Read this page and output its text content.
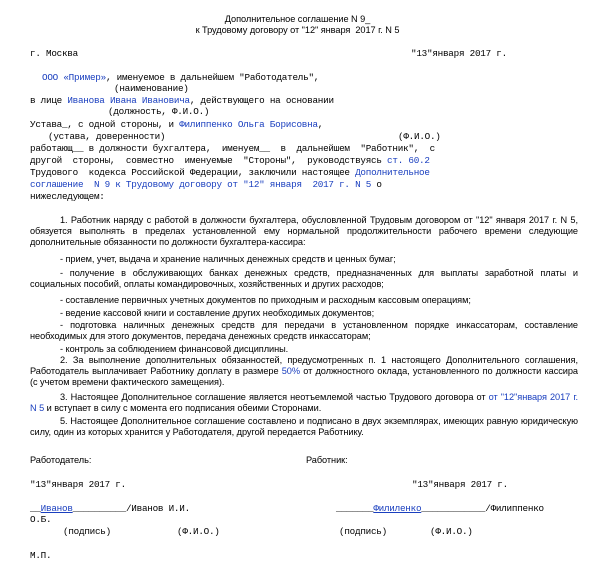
Дополнительное соглашение N 9_
к Трудовому договору от "12" января  2017 г. N 5
г. Москва	"13"января 2017 г.
ООО «Пример», именуемое в дальнейшем "Работодатель",
(наименование)
в лице Иванова Ивана Ивановича, действующего на основании
(должность, Ф.И.О.)
Устава_, с одной стороны, и Филиппенко Ольга Борисовна,
(устава, доверенности)	(Ф.И.О.)
работающ__ в должности бухгалтера,  именуем__  в  дальнейшем  "Работник",  с
другой  стороны,  совместно  именуемые  "Стороны",  руководствуясь ст. 60.2
Трудового  кодекса Российской Федерации, заключили настоящее Дополнительное
соглашение  N 9 к Трудовому договору от "12" января  2017 г. N 5 о
нижеследующем:
1. Работник наряду с работой в должности бухгалтера, обусловленной Трудовым договором от "12" января 2017 г. N 5, обязуется выполнять в пределах установленной ему нормальной продолжительности рабочего времени следующие дополнительные обязанности по должности бухгалтера-кассира:
- прием, учет, выдача и хранение наличных денежных средств и ценных бумаг;
- получение в обслуживающих банках денежных средств, предназначенных для выплаты заработной платы и социальных пособий, оплаты командировочных, хозяйственных и других расходов;
- составление первичных учетных документов по приходным и расходным кассовым операциям;
- ведение кассовой книги и составление других необходимых документов;
- подготовка наличных денежных средств для передачи в установленном порядке инкассаторам, составление необходимых для этого документов, передача денежных средств инкассаторам;
- контроль за соблюдением финансовой дисциплины.
2. За выполнение дополнительных обязанностей, предусмотренных п. 1 настоящего Дополнительного соглашения, Работодатель выплачивает Работнику доплату в размере 50% от должностного оклада, установленного по должности кассира (с учетом времени фактического замещения).
3. Настоящее Дополнительное соглашение является неотъемлемой частью Трудового договора от от "12"января 2017 г. N 5 и вступает в силу с момента его подписания обеими Сторонами.
5. Настоящее Дополнительное соглашение составлено и подписано в двух экземплярах, имеющих равную юридическую силу, один из которых хранится у Работодателя, другой передается Работнику.
Работодатель:	Работник:
"13"января 2017 г.	"13"января 2017 г.
__Иванов__________/Иванов И.И.	_______Филиленко____________/Филиппенко
О.Б.
(подпись)	(Ф.И.О.)	(подпись)	(Ф.И.О.)
М.П.
